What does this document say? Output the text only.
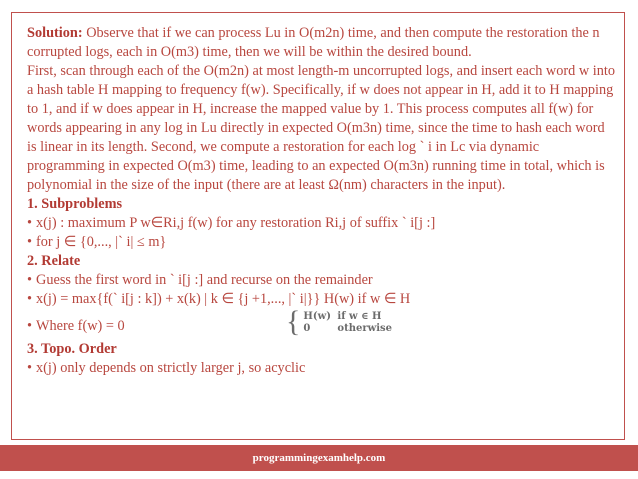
Solution: Observe that if we can process Lu in O(m2n) time, and then compute the restoration the n corrupted logs, each in O(m3) time, then we will be within the desired bound.

First, scan through each of the O(m2n) at most length-m uncorrupted logs, and insert each word w into a hash table H mapping to frequency f(w). Specifically, if w does not appear in H, add it to H mapping to 1, and if w does appear in H, increase the mapped value by 1. This process computes all f(w) for words appearing in any log in Lu directly in expected O(m3n) time, since the time to hash each word is linear in its length. Second, we compute a restoration for each log ` i in Lc via dynamic programming in expected O(m3) time, leading to an expected O(m3n) running time in total, which is polynomial in the size of the input (there are at least Ω(nm) characters in the input).

1. Subproblems

• x(j) : maximum P w∈Ri,j f(w) for any restoration Ri,j of suffix ` i[j :]

• for j ∈ {0,..., |` i| ≤ m}

2. Relate

• Guess the first word in ` i[j :] and recurse on the remainder

• x(j) = max{f(` i[j : k]) + x(k) | k ∈ {j +1,..., |` i|}} H(w) if w ∈ H

• Where f(w) = 0	{ H(w) if w ∈ H
0	otherwise

3. Topo. Order

• x(j) only depends on strictly larger j, so acyclic

programmingexamhelp.com
